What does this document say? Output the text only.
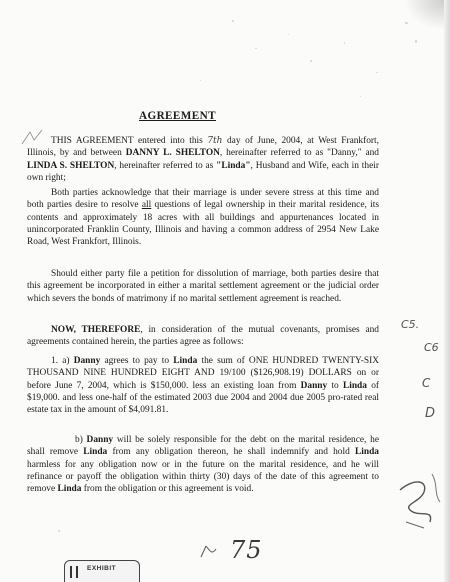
AGREEMENT
THIS AGREEMENT entered into this 7th day of June, 2004, at West Frankfort, Illinois, by and between DANNY L. SHELTON, hereinafter referred to as "Danny," and LINDA S. SHELTON, hereinafter referred to as "Linda", Husband and Wife, each in their own right;
Both parties acknowledge that their marriage is under severe stress at this time and both parties desire to resolve all questions of legal ownership in their marital residence, its contents and approximately 18 acres with all buildings and appurtenances located in unincorporated Franklin County, Illinois and having a common address of 2954 New Lake Road, West Frankfort, Illinois.
Should either party file a petition for dissolution of marriage, both parties desire that this agreement be incorporated in either a marital settlement agreement or the judicial order which severs the bonds of matrimony if no marital settlement agreement is reached.
NOW, THEREFORE, in consideration of the mutual covenants, promises and agreements contained herein, the parties agree as follows:
1. a) Danny agrees to pay to Linda the sum of ONE HUNDRED TWENTY-SIX THOUSAND NINE HUNDRED EIGHT AND 19/100 ($126,908.19) DOLLARS on or before June 7, 2004, which is $150,000. less an existing loan from Danny to Linda of $19,000. and less one-half of the estimated 2003 due 2004 and 2004 due 2005 pro-rated real estate tax in the amount of $4,091.81.
b) Danny will be solely responsible for the debt on the marital residence, he shall remove Linda from any obligation thereon, he shall indemnify and hold Linda harmless for any obligation now or in the future on the marital residence, and he will refinance or payoff the obligation within thirty (30) days of the date of this agreement to remove Linda from the obligation or this agreement is void.
C5.
C6
C
D
75
EXHIBIT
